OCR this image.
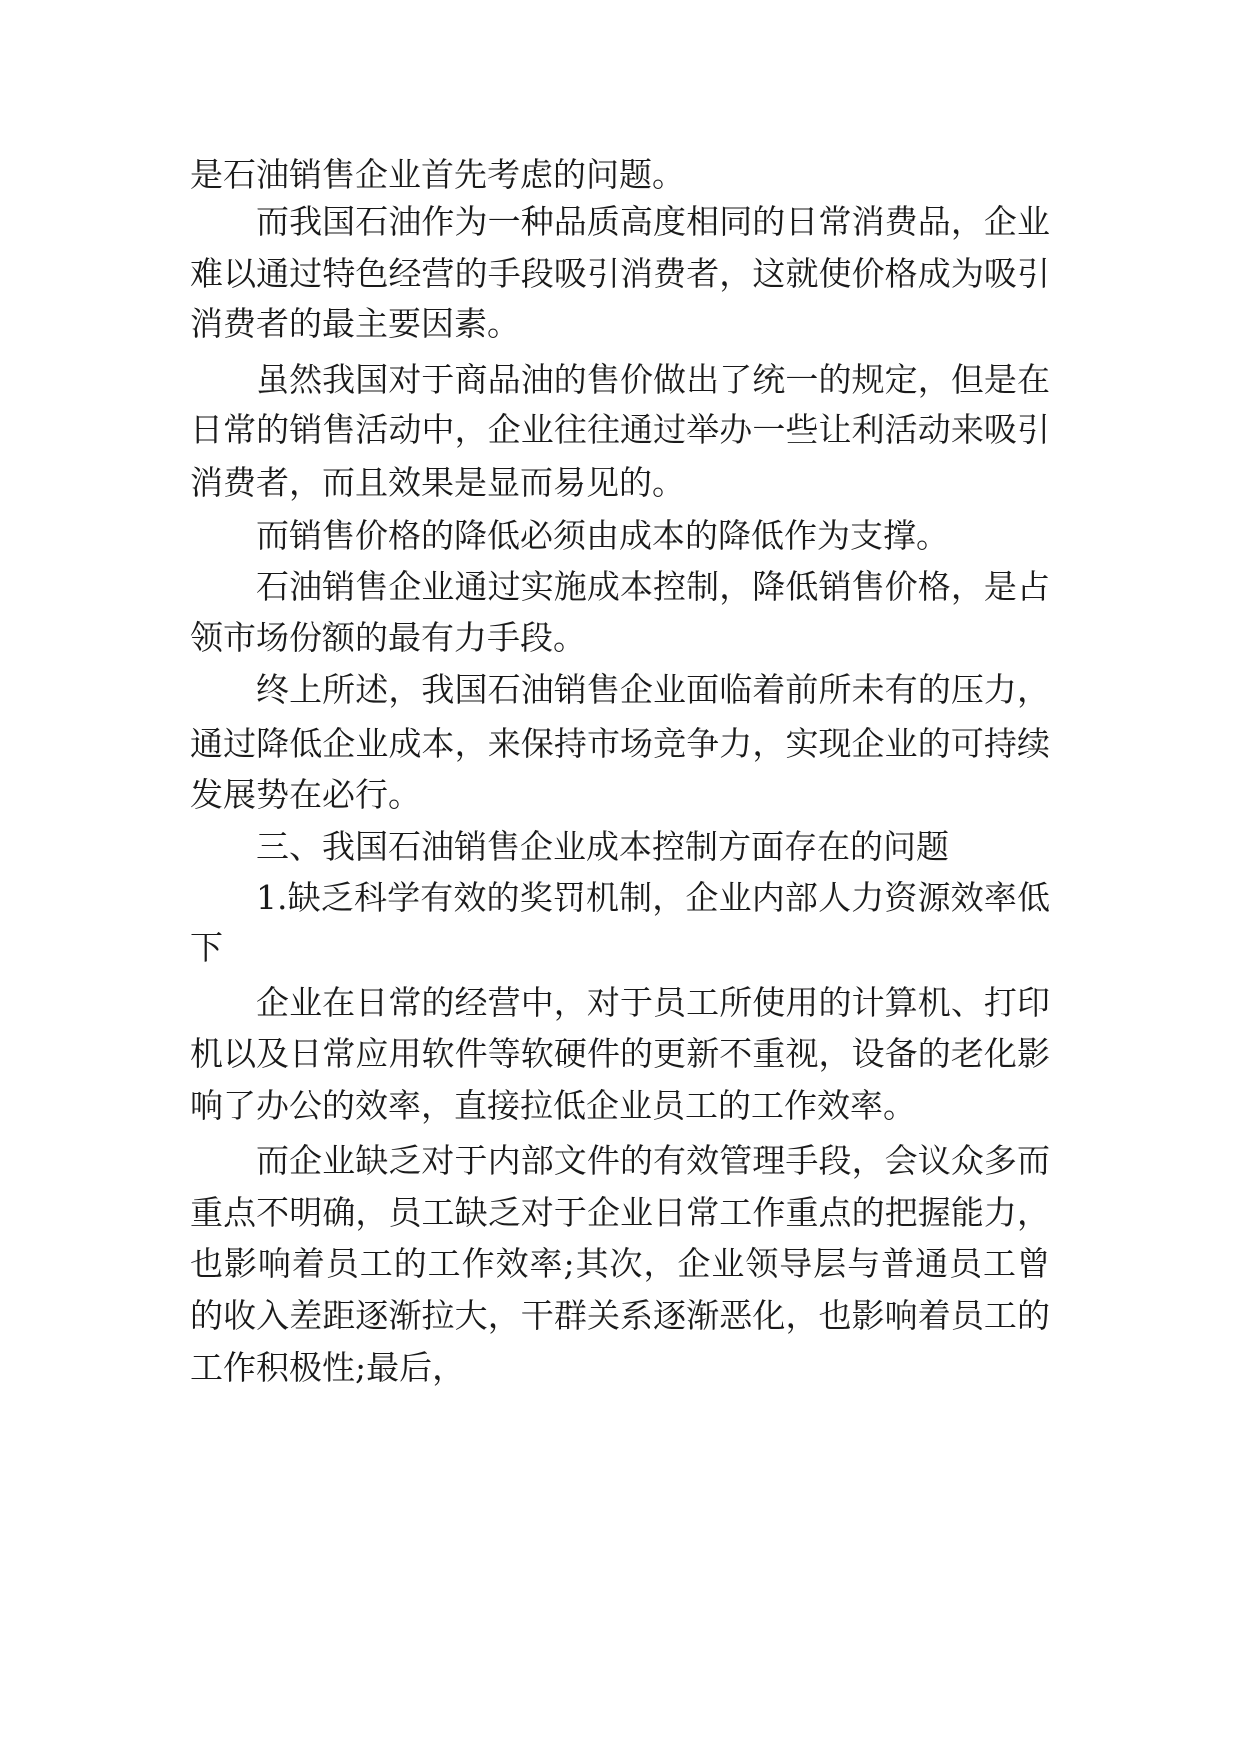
是石油销售企业首先考虑的问题。
而我国石油作为一种品质高度相同的日常消费品，企业
难以通过特色经营的手段吸引消费者，这就使价格成为吸引
消费者的最主要因素。
虽然我国对于商品油的售价做出了统一的规定，但是在
日常的销售活动中，企业往往通过举办一些让利活动来吸引
消费者，而且效果是显而易见的。
而销售价格的降低必须由成本的降低作为支撑。
石油销售企业通过实施成本控制，降低销售价格，是占
领市场份额的最有力手段。
终上所述，我国石油销售企业面临着前所未有的压力，
通过降低企业成本，来保持市场竞争力，实现企业的可持续
发展势在必行。
三、我国石油销售企业成本控制方面存在的问题
1.缺乏科学有效的奖罚机制，企业内部人力资源效率低
下
企业在日常的经营中，对于员工所使用的计算机、打印
机以及日常应用软件等软硬件的更新不重视，设备的老化影
响了办公的效率，直接拉低企业员工的工作效率。
而企业缺乏对于内部文件的有效管理手段，会议众多而
重点不明确，员工缺乏对于企业日常工作重点的把握能力，
也影响着员工的工作效率;其次，企业领导层与普通员工曾
的收入差距逐渐拉大，干群关系逐渐恶化，也影响着员工的
工作积极性;最后，
